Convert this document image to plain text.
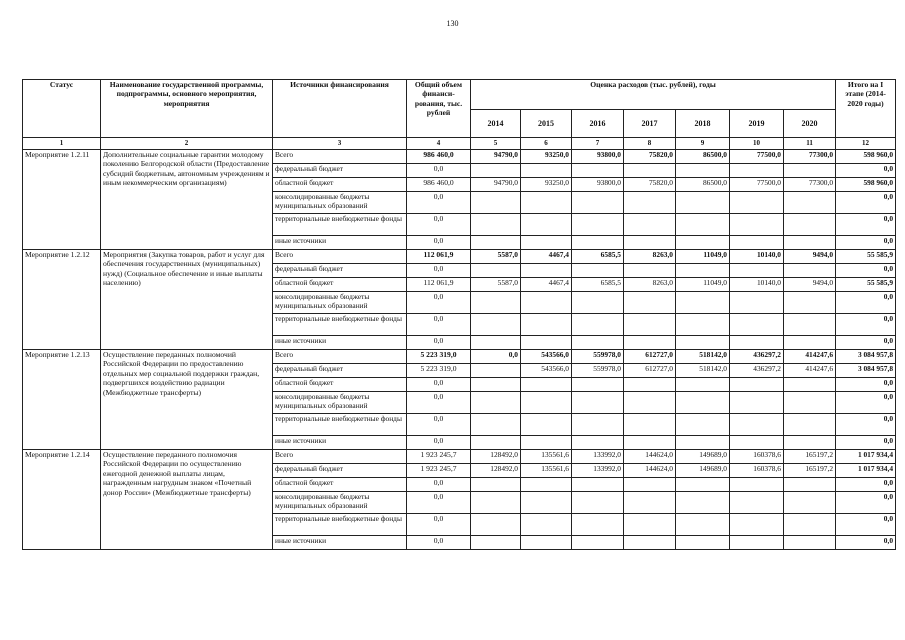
130
Статус	Наименование государственной программы, подпрограммы, основного мероприятия, мероприятия	Источники финансирования	Общий объем финанси-рования, тыс. рублей	Оценка расходов (тыс. рублей), годы							Итого на I этапе (2014-2020 годы)
				2014	2015	2016	2017	2018	2019	2020	
1	2	3	4	5	6	7	8	9	10	11	12
Мероприятие 1.2.11	Дополнительные социальные гарантии молодому поколению Белгородской области (Предоставление субсидий бюджетным, автономным учреждениям и иным некоммерческим организациям)	Всего	986 460,0	94790,0	93250,0	93800,0	75820,0	86500,0	77500,0	77300,0	598 960,0
		федеральный бюджет	0,0								0,0
		областной бюджет	986 460,0	94790,0	93250,0	93800,0	75820,0	86500,0	77500,0	77300,0	598 960,0
		консолидированные бюджеты муниципальных образований	0,0								0,0
		территориальные внебюджетные фонды	0,0								0,0
		иные источники	0,0								0,0
Мероприятие 1.2.12	Мероприятия (Закупка товаров, работ и услуг для обеспечения государственных (муниципальных) нужд) (Социальное обеспечение и иные выплаты населению)	Всего	112 061,9	5587,0	4467,4	6585,5	8263,0	11049,0	10140,0	9494,0	55 585,9
		федеральный бюджет	0,0								0,0
		областной бюджет	112 061,9	5587,0	4467,4	6585,5	8263,0	11049,0	10140,0	9494,0	55 585,9
		консолидированные бюджеты муниципальных образований	0,0								0,0
		территориальные внебюджетные фонды	0,0								0,0
		иные источники	0,0								0,0
Мероприятие 1.2.13	Осуществление переданных полномочий Российской Федерации по предоставлению отдельных мер социальной поддержки граждан, подвергшихся воздействию радиации (Межбюджетные трансферты)	Всего	5 223 319,0	0,0	543566,0	559978,0	612727,0	518142,0	436297,2	414247,6	3 084 957,8
		федеральный бюджет	5 223 319,0		543566,0	559978,0	612727,0	518142,0	436297,2	414247,6	3 084 957,8
		областной бюджет	0,0								0,0
		консолидированные бюджеты муниципальных образований	0,0								0,0
		территориальные внебюджетные фонды	0,0								0,0
		иные источники	0,0								0,0
Мероприятие 1.2.14	Осуществление переданного полномочия Российской Федерации по осуществлению ежегодной денежной выплаты лицам, награжденным нагрудным знаком «Почетный донор России» (Межбюджетные трансферты)	Всего	1 923 245,7	128492,0	135561,6	133992,0	144624,0	149689,0	160378,6	165197,2	1 017 934,4
		федеральный бюджет	1 923 245,7	128492,0	135561,6	133992,0	144624,0	149689,0	160378,6	165197,2	1 017 934,4
		областной бюджет	0,0								0,0
		консолидированные бюджеты муниципальных образований	0,0								0,0
		территориальные внебюджетные фонды	0,0								0,0
		иные источники	0,0								0,0
